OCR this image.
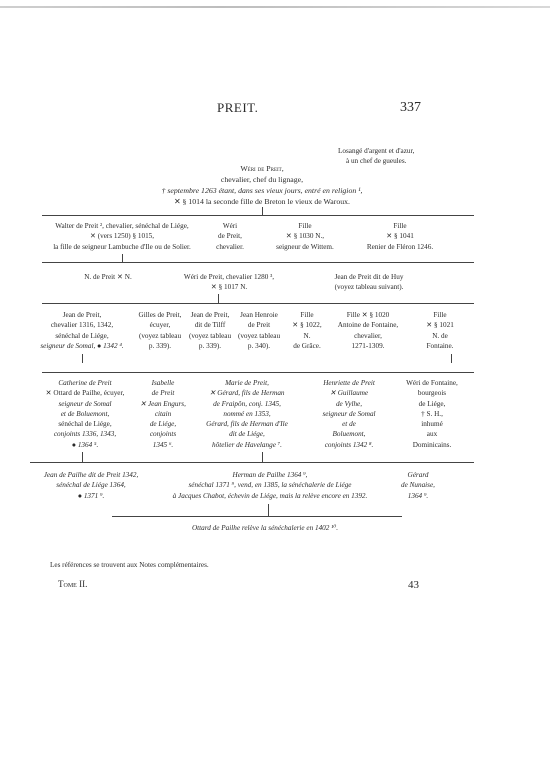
PREIT.	337
Losangé d'argent et d'azur,
à un chef de gueules.
Wéri de Preit,
chevalier, chef du lignage,
† septembre 1263 étant, dans ses vieux jours, entré en religion ¹,
✕ § 1014 la seconde fille de Breton le vieux de Waroux.
Walter de Preit ², chevalier, sénéchal de Liége,
✕ (vers 1250) § 1015,
la fille de seigneur Lambuche d'Ile ou de Solier.
Wéri
de Preit,
chevalier.
Fille
✕ § 1030 N.,
seigneur de Wittem.
Fille
✕ § 1041
Renier de Fléron 1246.
N. de Preit ✕ N.	Wéri de Preit, chevalier 1280 ³,
✕ § 1017 N.
Jean de Preit dit de Huy
(voyez tableau suivant).
Jean de Preit,
chevalier 1316, 1342,
sénéchal de Liége,
seigneur de Somal, ● 1342 ⁴.
Gilles de Preit,
écuyer,
(voyez tableau
p. 339).
Jean de Preit,
dit de Tilff
(voyez tableau
p. 339).
Jean Henroie
de Preit
(voyez tableau
p. 340).
Fille
✕ § 1022,
N.
de Grâce.
Fille ✕ § 1020
Antoine de Fontaine,
chevalier,
1271-1309.
Fille
✕ § 1021
N. de
Fontaine.
Catherine de Preit
✕ Ottard de Pailhe, écuyer,
seigneur de Somal
et de Boluemont,
sénéchal de Liége,
conjoints 1336, 1343,
● 1364 ⁵.
Isabelle
de Preit
✕ Jean Engurs,
citain
de Liége,
conjoints
1345 ⁶.
Marie de Preit,
✕ Gérard, fils de Herman
de Fraipôn, conj. 1345,
nommé en 1353,
Gérard, fils de Herman d'Ile
dit de Liége,
hôtelier de Havelange ⁷.
Henriette de Preit
✕ Guillaume
de Vylhe,
seigneur de Somal
et de
Boluemont,
conjoints 1342 ⁸.
Wéri de Fontaine,
bourgeois
de Liége,
† S. H.,
inhumé
aux
Dominicains.
Jean de Pailhe dit de Preit 1342,
sénéchal de Liége 1364,
● 1371 ⁹.
Herman de Pailhe 1364 ⁹,
sénéchal 1371 ⁹, vend, en 1385, la sénéchalerie de Liége
à Jacques Chabot, échevin de Liége, mais la relève encore en 1392.
Gérard
de Nunaise,
1364 ⁹.
Ottard de Pailhe relève la sénéchalerie en 1402 ¹⁰.
Les références se trouvent aux Notes complémentaires.
Tome II.	43
